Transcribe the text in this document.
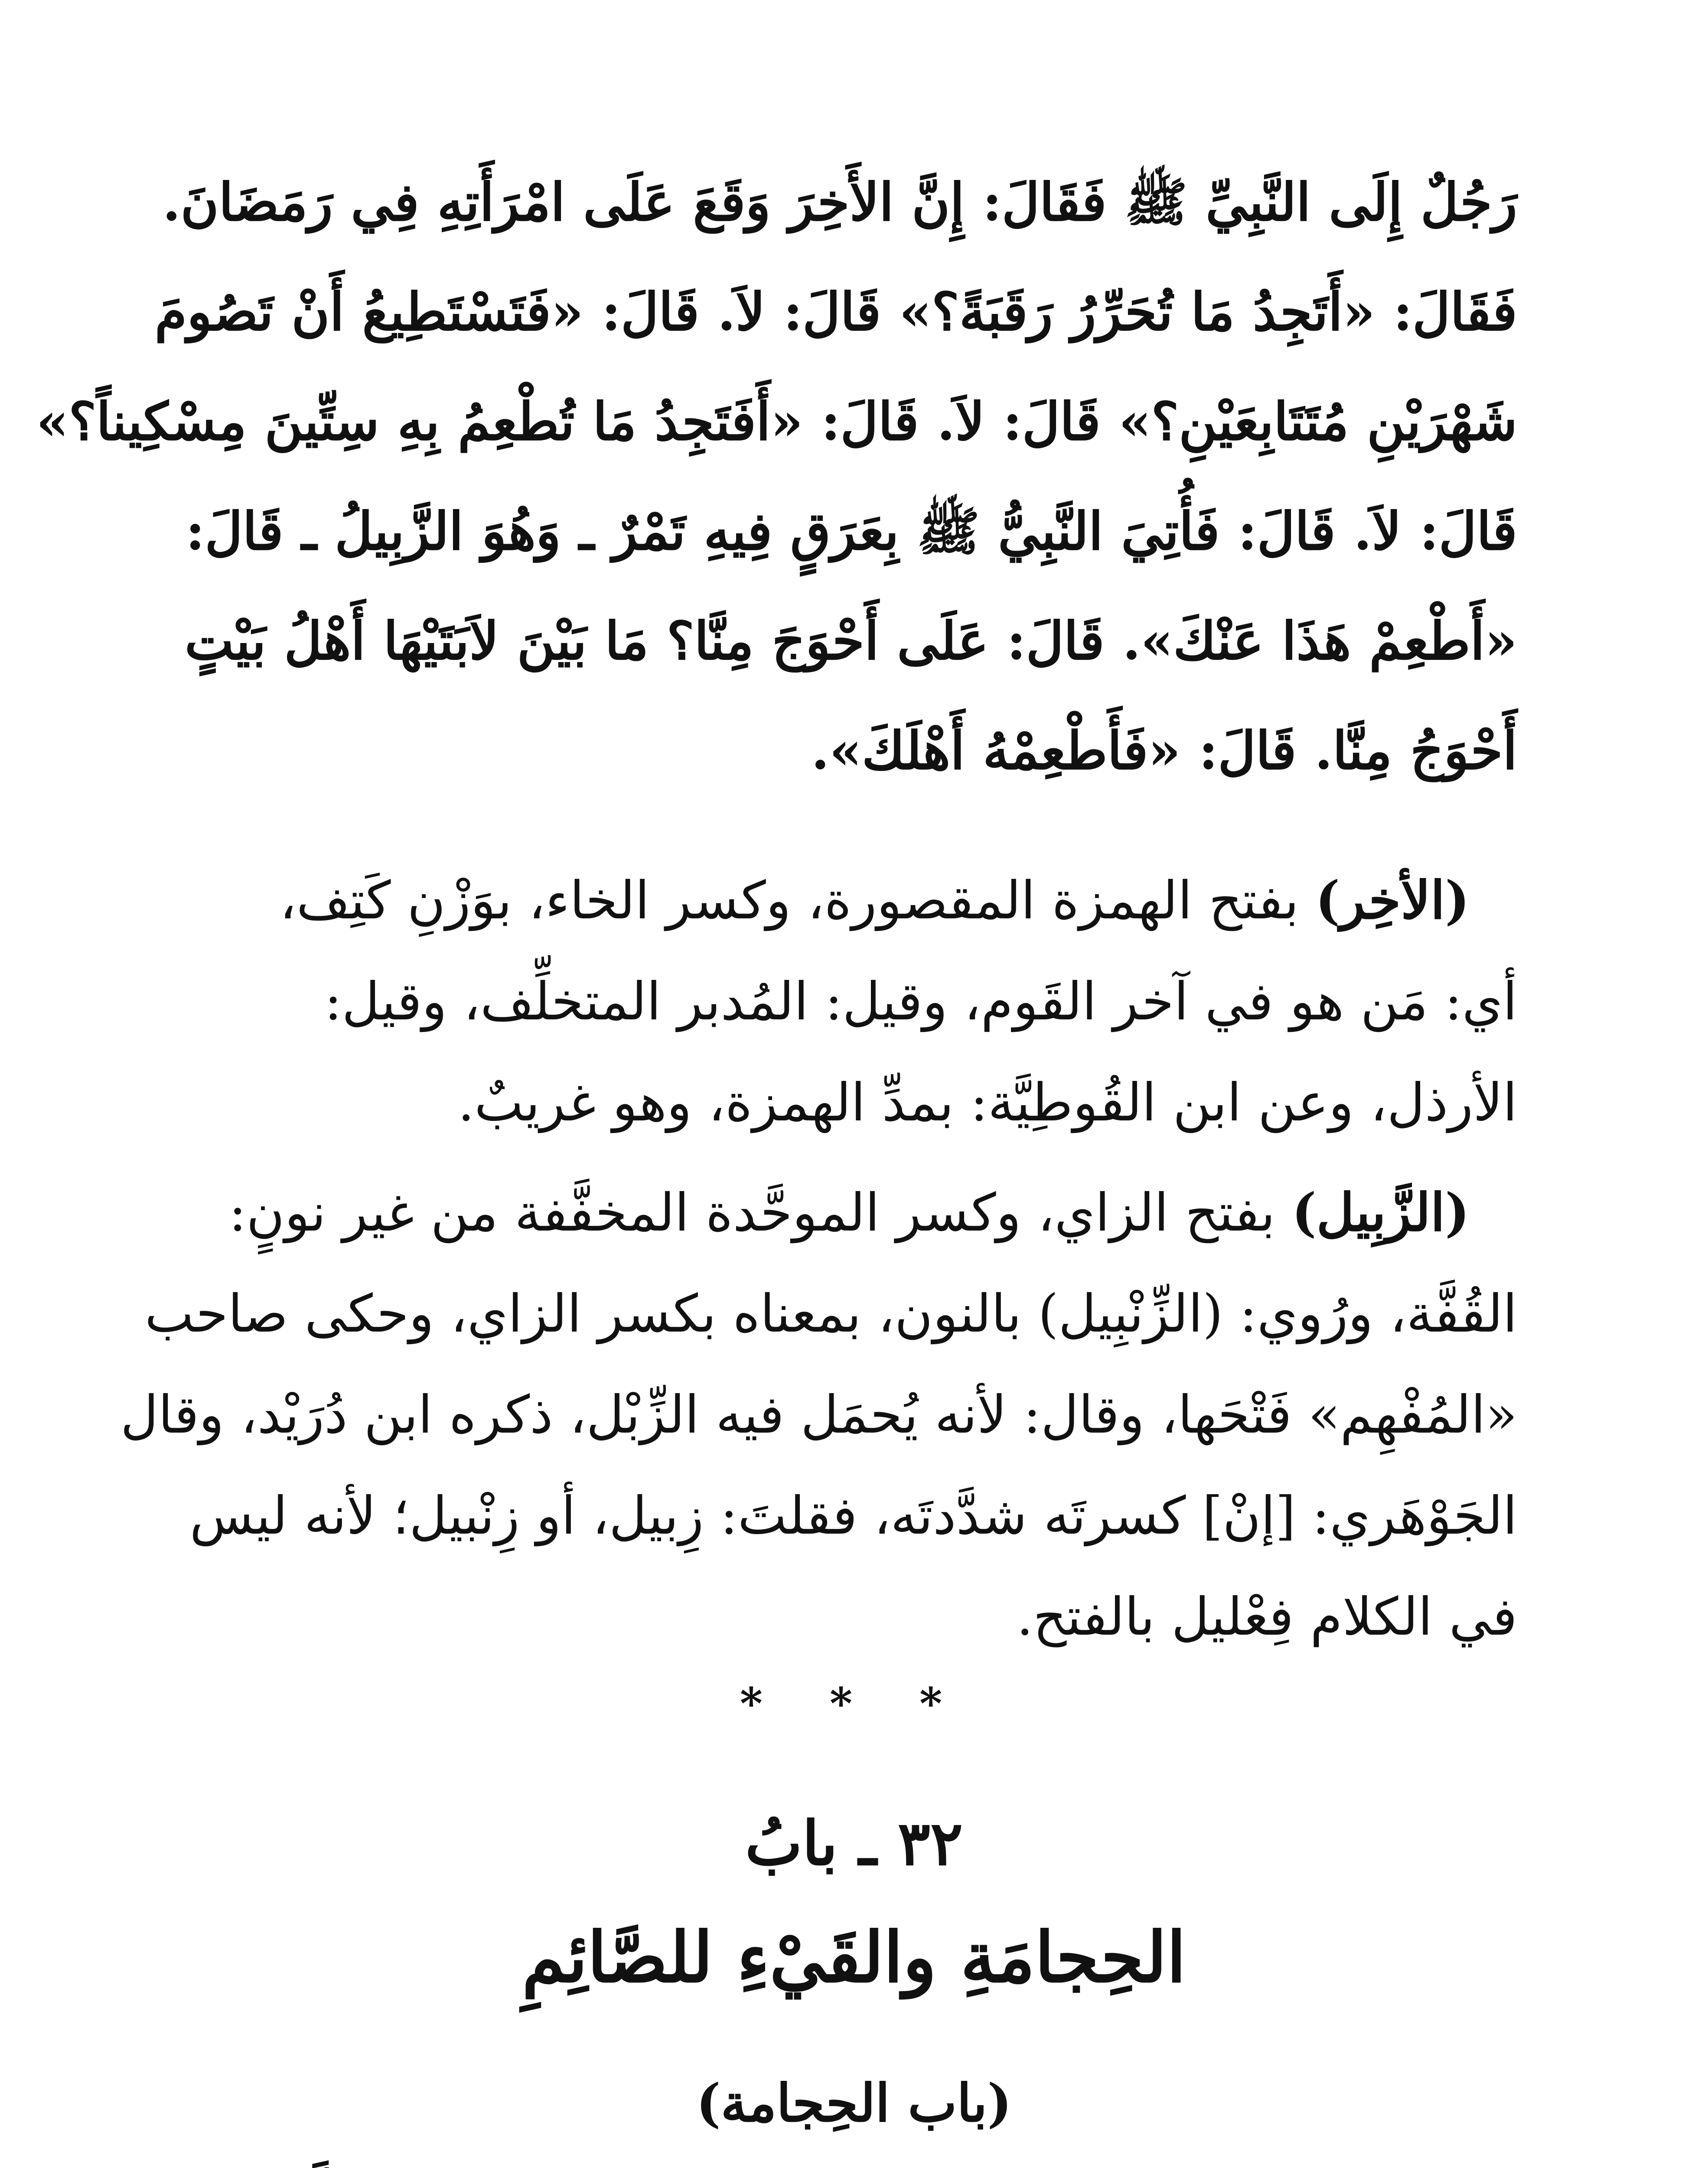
رَجُلٌ إِلَى النَّبِيِّ ﷺ فَقَالَ: إِنَّ الأَخِرَ وَقَعَ عَلَى امْرَأَتِهِ فِي رَمَضَانَ.
فَقَالَ: «أَتَجِدُ مَا تُحَرِّرُ رَقَبَةً؟» قَالَ: لاَ. قَالَ: «فَتَسْتَطِيعُ أَنْ تَصُومَ
شَهْرَيْنِ مُتَتَابِعَيْنِ؟» قَالَ: لاَ. قَالَ: «أَفَتَجِدُ مَا تُطْعِمُ بِهِ سِتِّينَ مِسْكِيناً؟»
قَالَ: لاَ. قَالَ: فَأُتِيَ النَّبِيُّ ﷺ بِعَرَقٍ فِيهِ تَمْرٌ ـ وَهُوَ الزَّبِيلُ ـ قَالَ:
«أَطْعِمْ هَذَا عَنْكَ». قَالَ: عَلَى أَحْوَجَ مِنَّا؟ مَا بَيْنَ لاَبَتَيْهَا أَهْلُ بَيْتٍ
أَحْوَجُ مِنَّا. قَالَ: «فَأَطْعِمْهُ أَهْلَكَ».
(الأخِر) بفتح الهمزة المقصورة، وكسر الخاء، بوَزْنِ كَتِف،
أي: مَن هو في آخر القَوم، وقيل: المُدبر المتخلِّف، وقيل:
الأرذل، وعن ابن القُوطِيَّة: بمدِّ الهمزة، وهو غريبٌ.
(الزَّبِيل) بفتح الزاي، وكسر الموحَّدة المخفَّفة من غير نونٍ:
القُفَّة، ورُوي: (الزِّنْبِيل) بالنون، بمعناه بكسر الزاي، وحكى صاحب
«المُفْهِم» فَتْحَها، وقال: لأنه يُحمَل فيه الزِّبْل، ذكره ابن دُرَيْد، وقال
الجَوْهَري: [إنْ] كسرتَه شدَّدتَه، فقلتَ: زِبيل، أو زِنْبيل؛ لأنه ليس
في الكلام فِعْليل بالفتح.
* * *
٣٢ ـ بابُ
الحِجامَةِ والقَيْءِ للصَّائِمِ
(باب الحِجامة)
